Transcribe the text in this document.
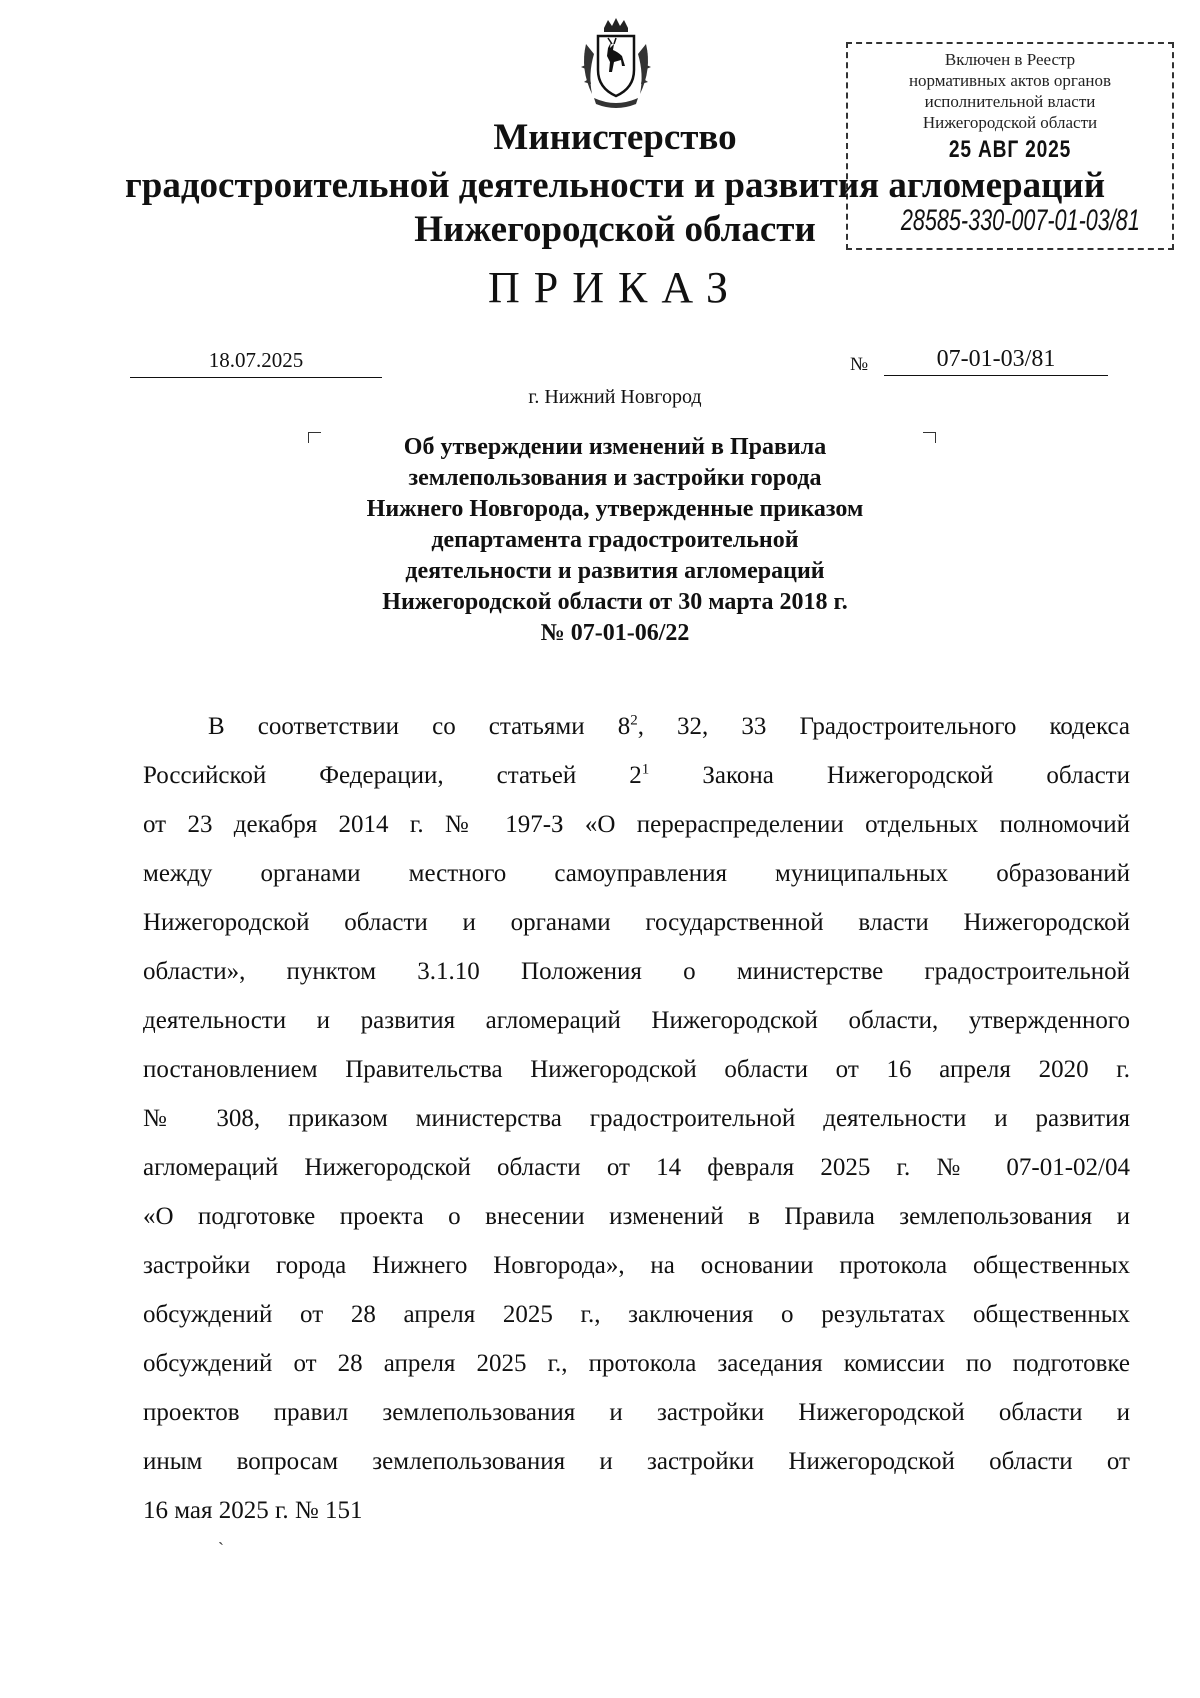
Включен в Реестр
нормативных актов органов
исполнительной власти
Нижегородской области
25 АВГ 2025
28585-330-007-01-03/81
Министерство
градостроительной деятельности и развития агломераций
Нижегородской области
ПРИКАЗ
18.07.2025	№	07-01-03/81
г. Нижний Новгород
Об утверждении изменений в Правила
землепользования и застройки города
Нижнего Новгорода, утвержденные приказом
департамента градостроительной
деятельности и развития агломераций
Нижегородской области от 30 марта 2018 г.
№ 07-01-06/22
В соответствии со статьями $8^2$, 32, 33 Градостроительного кодекса
Российской Федерации, статьей $2^1$ Закона Нижегородской области
от 23 декабря 2014 г. № 197-З «О перераспределении отдельных полномочий
между органами местного самоуправления муниципальных образований
Нижегородской области и органами государственной власти Нижегородской
области», пунктом 3.1.10 Положения о министерстве градостроительной
деятельности и развития агломераций Нижегородской области, утвержденного
постановлением Правительства Нижегородской области от 16 апреля 2020 г.
№ 308, приказом министерства градостроительной деятельности и развития
агломераций Нижегородской области от 14 февраля 2025 г. № 07-01-02/04
«О подготовке проекта о внесении изменений в Правила землепользования и
застройки города Нижнего Новгорода», на основании протокола общественных
обсуждений от 28 апреля 2025 г., заключения о результатах общественных
обсуждений от 28 апреля 2025 г., протокола заседания комиссии по подготовке
проектов правил землепользования и застройки Нижегородской области и
иным вопросам землепользования и застройки Нижегородской области от
16 мая 2025 г. № 151
ˏ
